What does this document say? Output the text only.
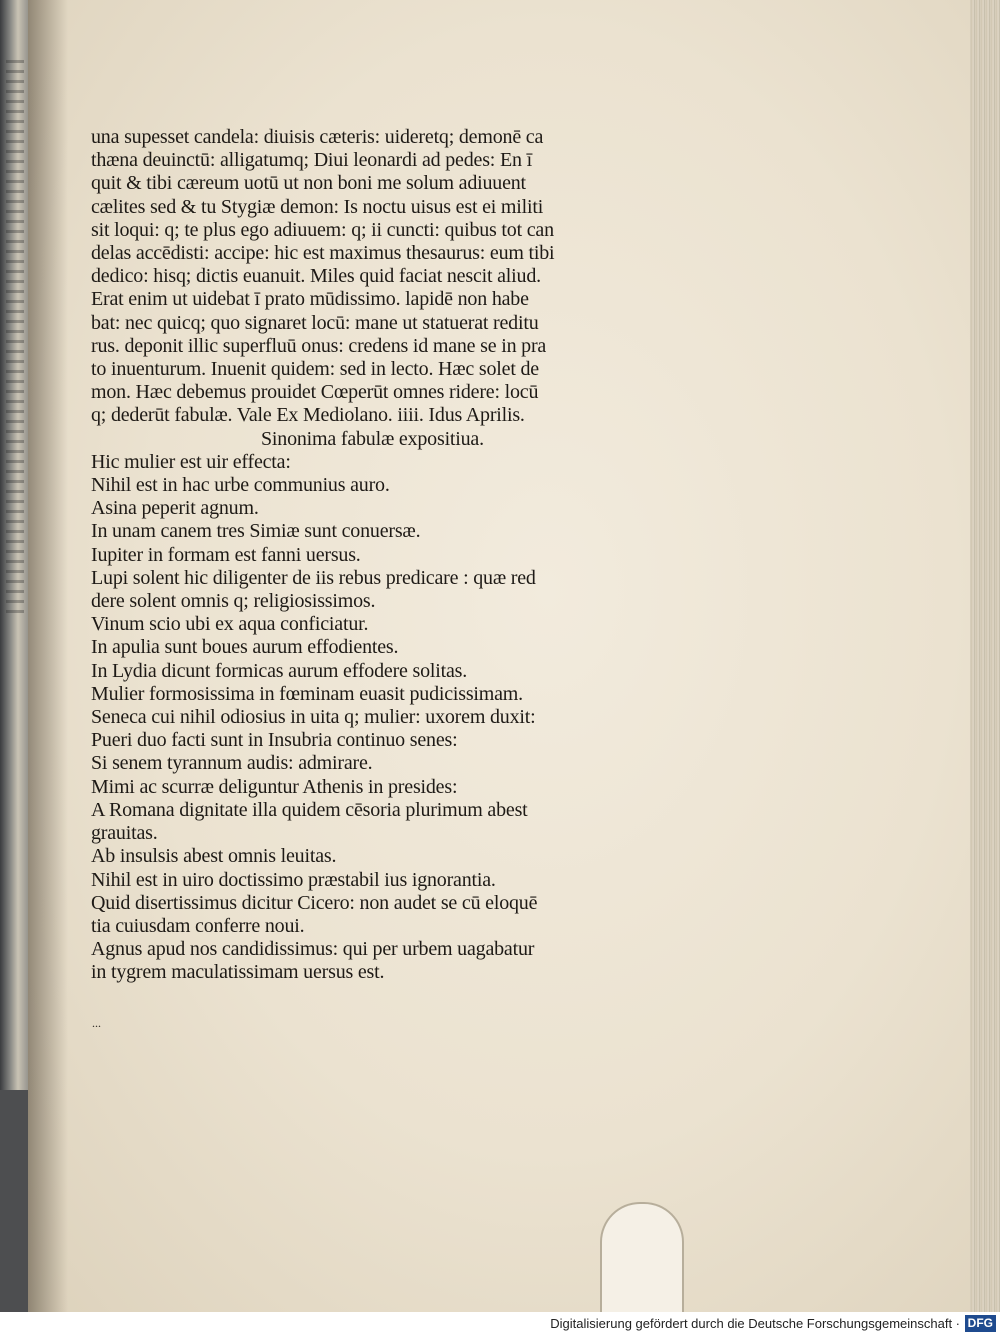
una supesset candela: diuisis cæteris: uideretq; demonē ca
thæna deuinctū: alligatumq; Diui leonardi ad pedes: En ī
quit & tibi cæreum uotū ut non boni me solum adiuuent
cælites sed & tu Stygiæ demon: Is noctu uisus est ei militi
sit loqui: q; te plus ego adiuuem: q; ii cuncti: quibus tot can
delas accēdisti: accipe: hic est maximus thesaurus: eum tibi
dedico: hisq; dictis euanuit. Miles quid faciat nescit aliud.
Erat enim ut uidebat ī prato mūdissimo. lapidē non habe
bat: nec quicq; quo signaret locū: mane ut statuerat reditu
rus. deponit illic superfluū onus: credens id mane se in pra
to inuenturum. Inuenit quidem: sed in lecto. Hæc solet de
mon. Hæc debemus prouidet Cœperūt omnes ridere: locū
q; dederūt fabulæ. Vale Ex Mediolano. iiii. Idus Aprilis.
Sinonima fabulæ expositiua.
Hic mulier est uir effecta:
Nihil est in hac urbe communius auro.
Asina peperit agnum.
In unam canem tres Simiæ sunt conuersæ.
Iupiter in formam est fanni uersus.
Lupi solent hic diligenter de iis rebus predicare : quæ red
dere solent omnis q; religiosissimos.
Vinum scio ubi ex aqua conficiatur.
In apulia sunt boues aurum effodientes.
In Lydia dicunt formicas aurum effodere solitas.
Mulier formosissima in fœminam euasit pudicissimam.
Seneca cui nihil odiosius in uita q; mulier: uxorem duxit:
Pueri duo facti sunt in Insubria continuo senes:
Si senem tyrannum audis: admirare.
Mimi ac scurræ deliguntur Athenis in presides:
A Romana dignitate illa quidem cēsoria plurimum abest
grauitas.
Ab insulsis abest omnis leuitas.
Nihil est in uiro doctissimo præstabil ius ignorantia.
Quid disertissimus dicitur Cicero: non audet se cū eloquē
tia cuiusdam conferre noui.
Agnus apud nos candidissimus: qui per urbem uagabatur
in tygrem maculatissimam uersus est.
...
Digitalisierung gefördert durch die Deutsche Forschungsgemeinschaft · DFG
